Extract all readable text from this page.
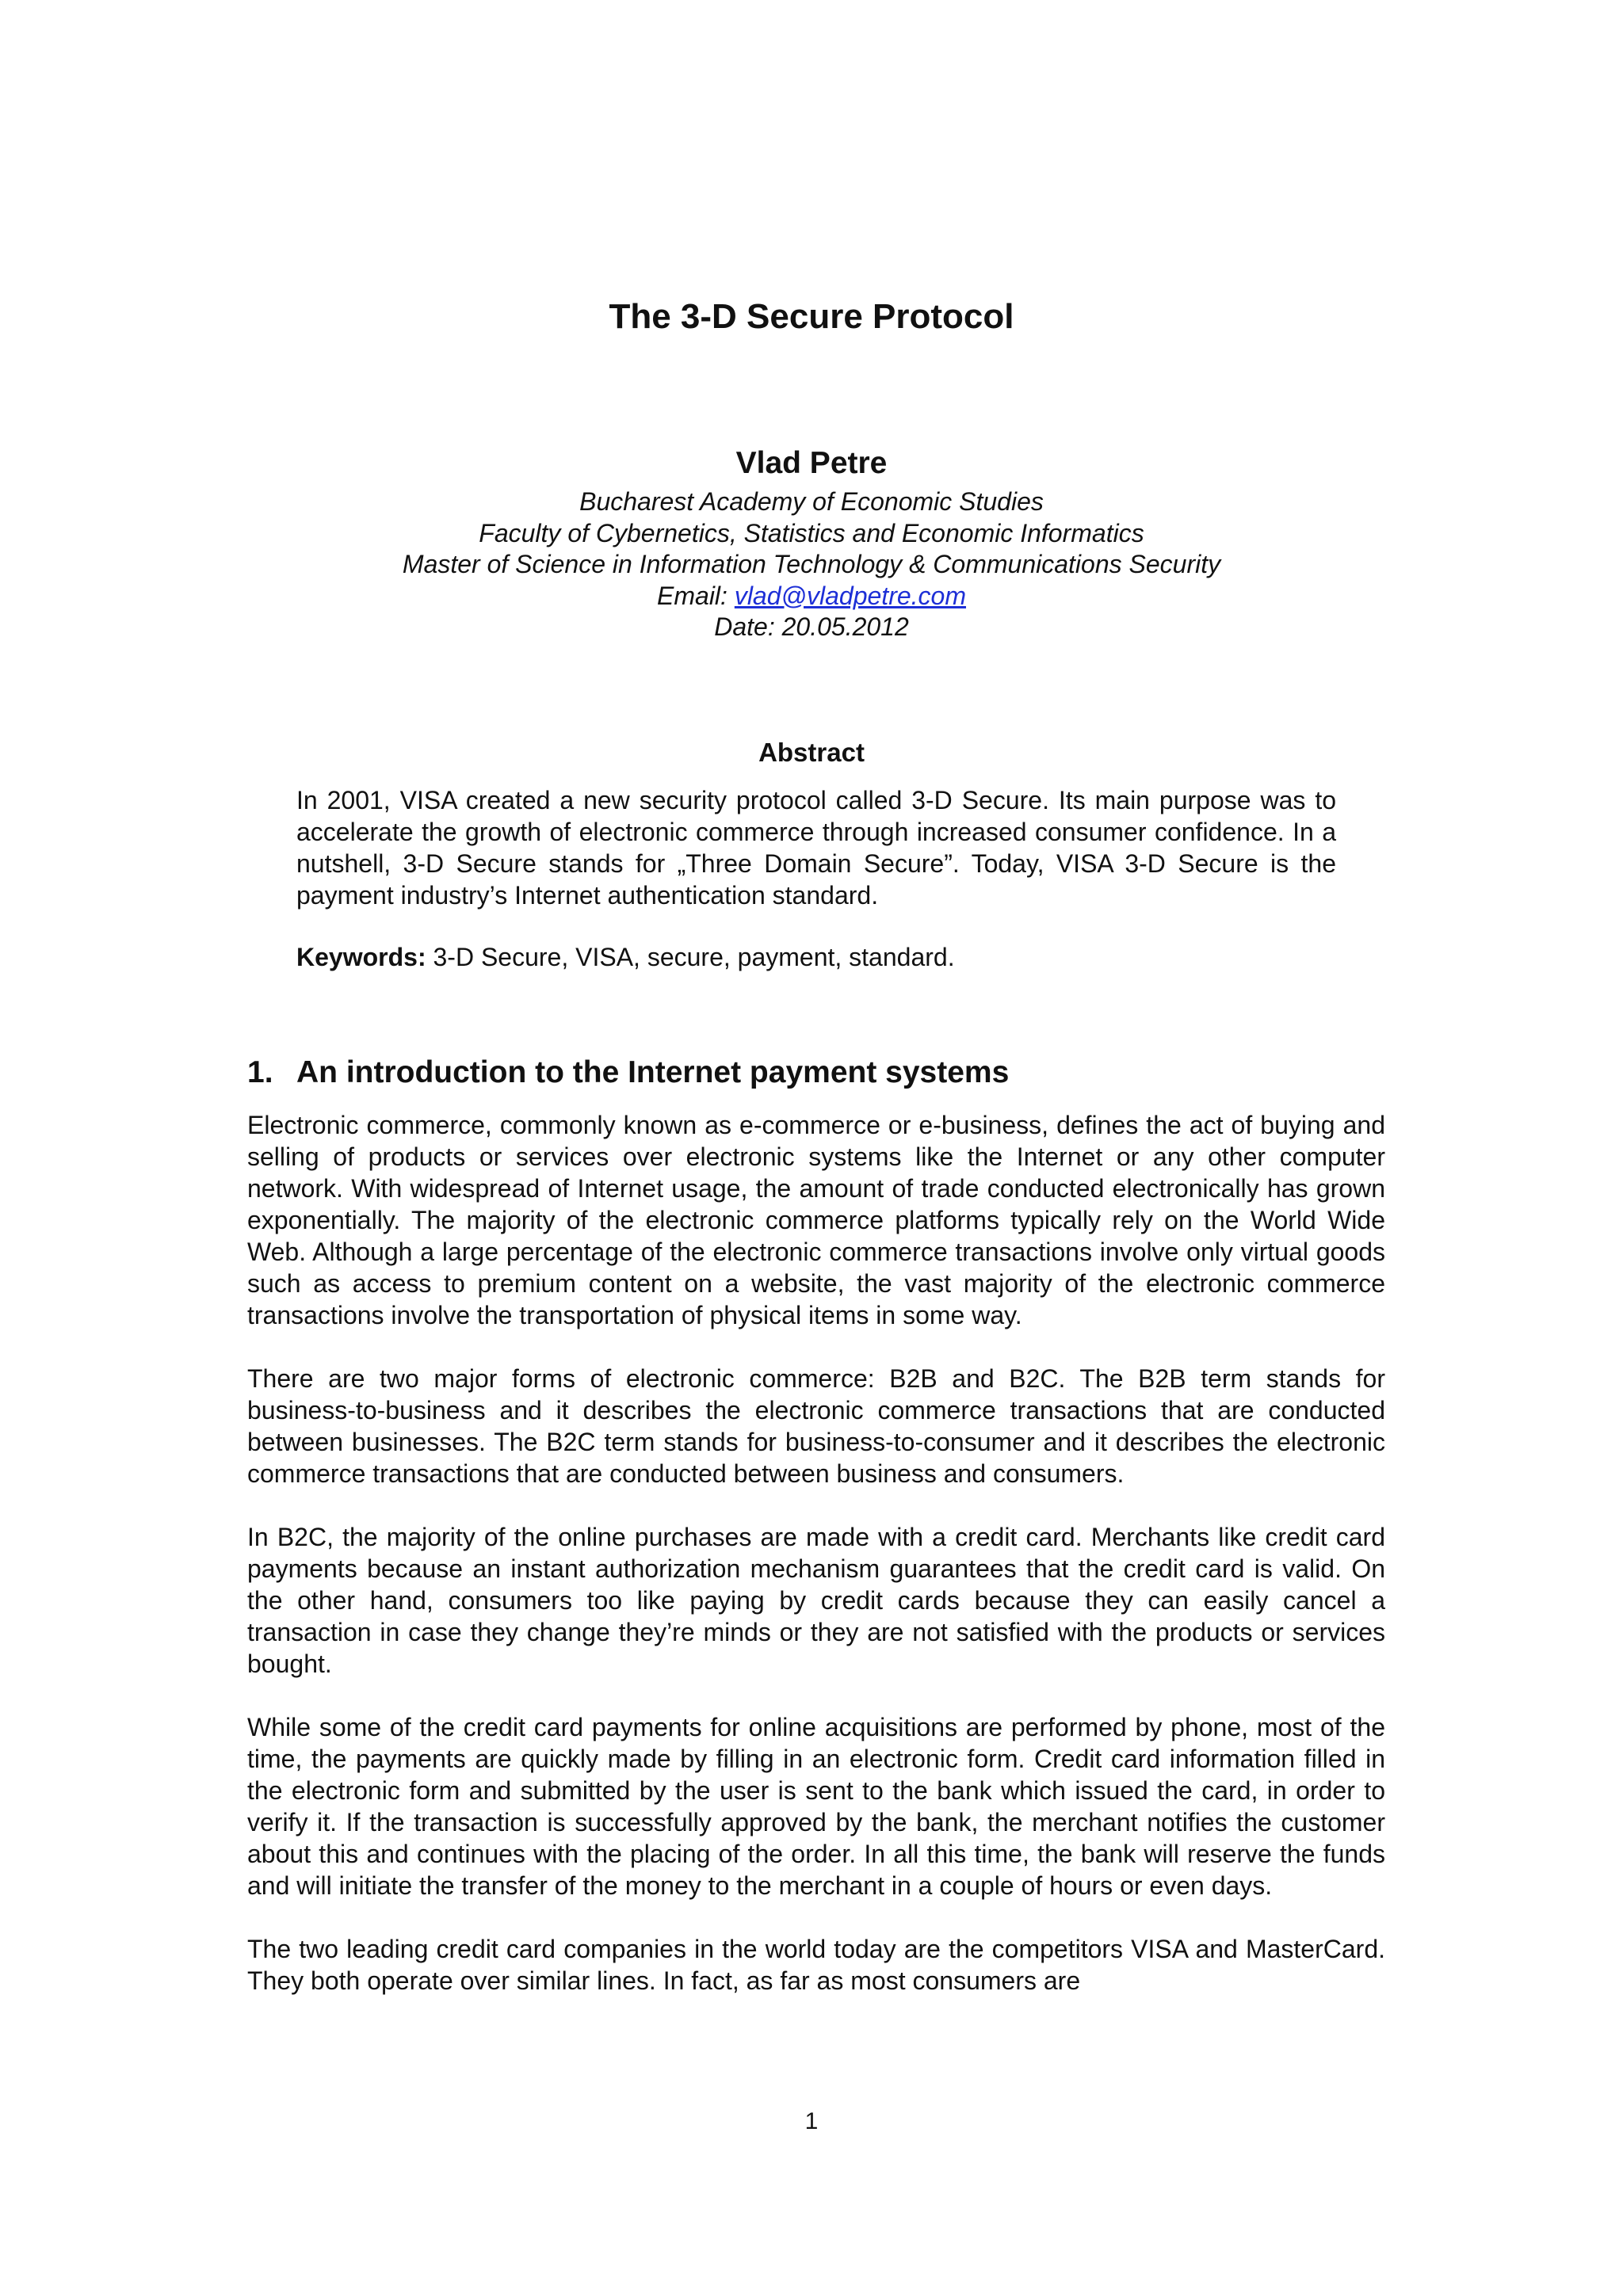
The 3-D Secure Protocol

Vlad Petre

Bucharest Academy of Economic Studies

Faculty of Cybernetics, Statistics and Economic Informatics

Master of Science in Information Technology & Communications Security

Email: vlad@vladpetre.com

Date: 20.05.2012

Abstract

In 2001, VISA created a new security protocol called 3-D Secure. Its main purpose was to accelerate the growth of electronic commerce through increased consumer confidence. In a nutshell, 3-D Secure stands for „Three Domain Secure”. Today, VISA 3-D Secure is the payment industry’s Internet authentication standard.

Keywords: 3-D Secure, VISA, secure, payment, standard.

1. An introduction to the Internet payment systems

Electronic commerce, commonly known as e-commerce or e-business, defines the act of buying and selling of products or services over electronic systems like the Internet or any other computer network. With widespread of Internet usage, the amount of trade conducted electronically has grown exponentially. The majority of the electronic commerce platforms typically rely on the World Wide Web. Although a large percentage of the electronic commerce transactions involve only virtual goods such as access to premium content on a website, the vast majority of the electronic commerce transactions involve the transportation of physical items in some way.

There are two major forms of electronic commerce: B2B and B2C. The B2B term stands for business-to-business and it describes the electronic commerce transactions that are conducted between businesses. The B2C term stands for business-to-consumer and it describes the electronic commerce transactions that are conducted between business and consumers.

In B2C, the majority of the online purchases are made with a credit card. Merchants like credit card payments because an instant authorization mechanism guarantees that the credit card is valid. On the other hand, consumers too like paying by credit cards because they can easily cancel a transaction in case they change they’re minds or they are not satisfied with the products or services bought.

While some of the credit card payments for online acquisitions are performed by phone, most of the time, the payments are quickly made by filling in an electronic form. Credit card information filled in the electronic form and submitted by the user is sent to the bank which issued the card, in order to verify it. If the transaction is successfully approved by the bank, the merchant notifies the customer about this and continues with the placing of the order. In all this time, the bank will reserve the funds and will initiate the transfer of the money to the merchant in a couple of hours or even days.

The two leading credit card companies in the world today are the competitors VISA and MasterCard. They both operate over similar lines. In fact, as far as most consumers are

1
